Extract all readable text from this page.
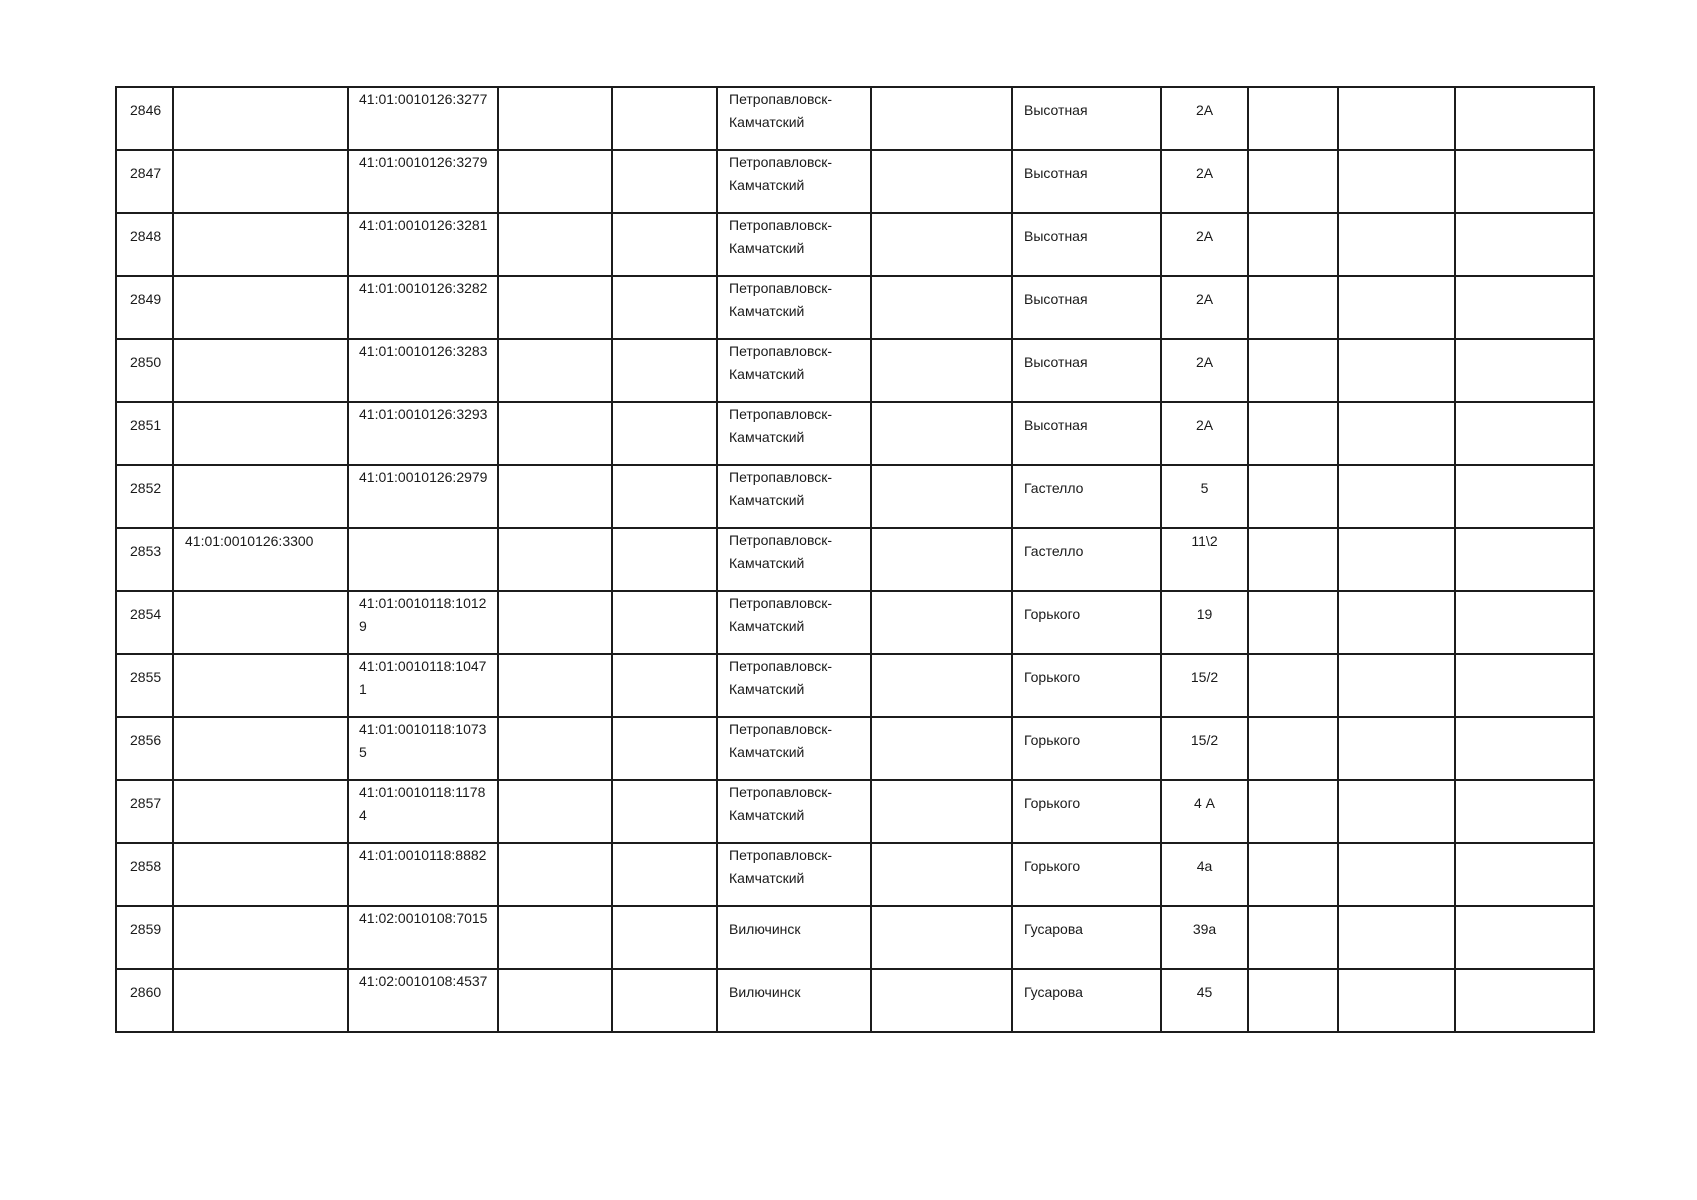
2846		41:01:0010126:3277			Петропавловск-Камчатский		Высотная	2А			

2847		41:01:0010126:3279			Петропавловск-Камчатский		Высотная	2А			

2848		41:01:0010126:3281			Петропавловск-Камчатский		Высотная	2А			

2849		41:01:0010126:3282			Петропавловск-Камчатский		Высотная	2А			

2850		41:01:0010126:3283			Петропавловск-Камчатский		Высотная	2А			

2851		41:01:0010126:3293			Петропавловск-Камчатский		Высотная	2А			

2852		41:01:0010126:2979			Петропавловск-Камчатский		Гастелло	5			

2853	41:01:0010126:3300				Петропавловск-Камчатский		Гастелло	11\2			

2854		41:01:0010118:10129			Петропавловск-Камчатский		Горького	19			

2855		41:01:0010118:10471			Петропавловск-Камчатский		Горького	15/2			

2856		41:01:0010118:10735			Петропавловск-Камчатский		Горького	15/2			

2857		41:01:0010118:11784			Петропавловск-Камчатский		Горького	4 А			

2858		41:01:0010118:8882			Петропавловск-Камчатский		Горького	4а			

2859		41:02:0010108:7015			Вилючинск		Гусарова	39а			

2860		41:02:0010108:4537			Вилючинск		Гусарова	45			
